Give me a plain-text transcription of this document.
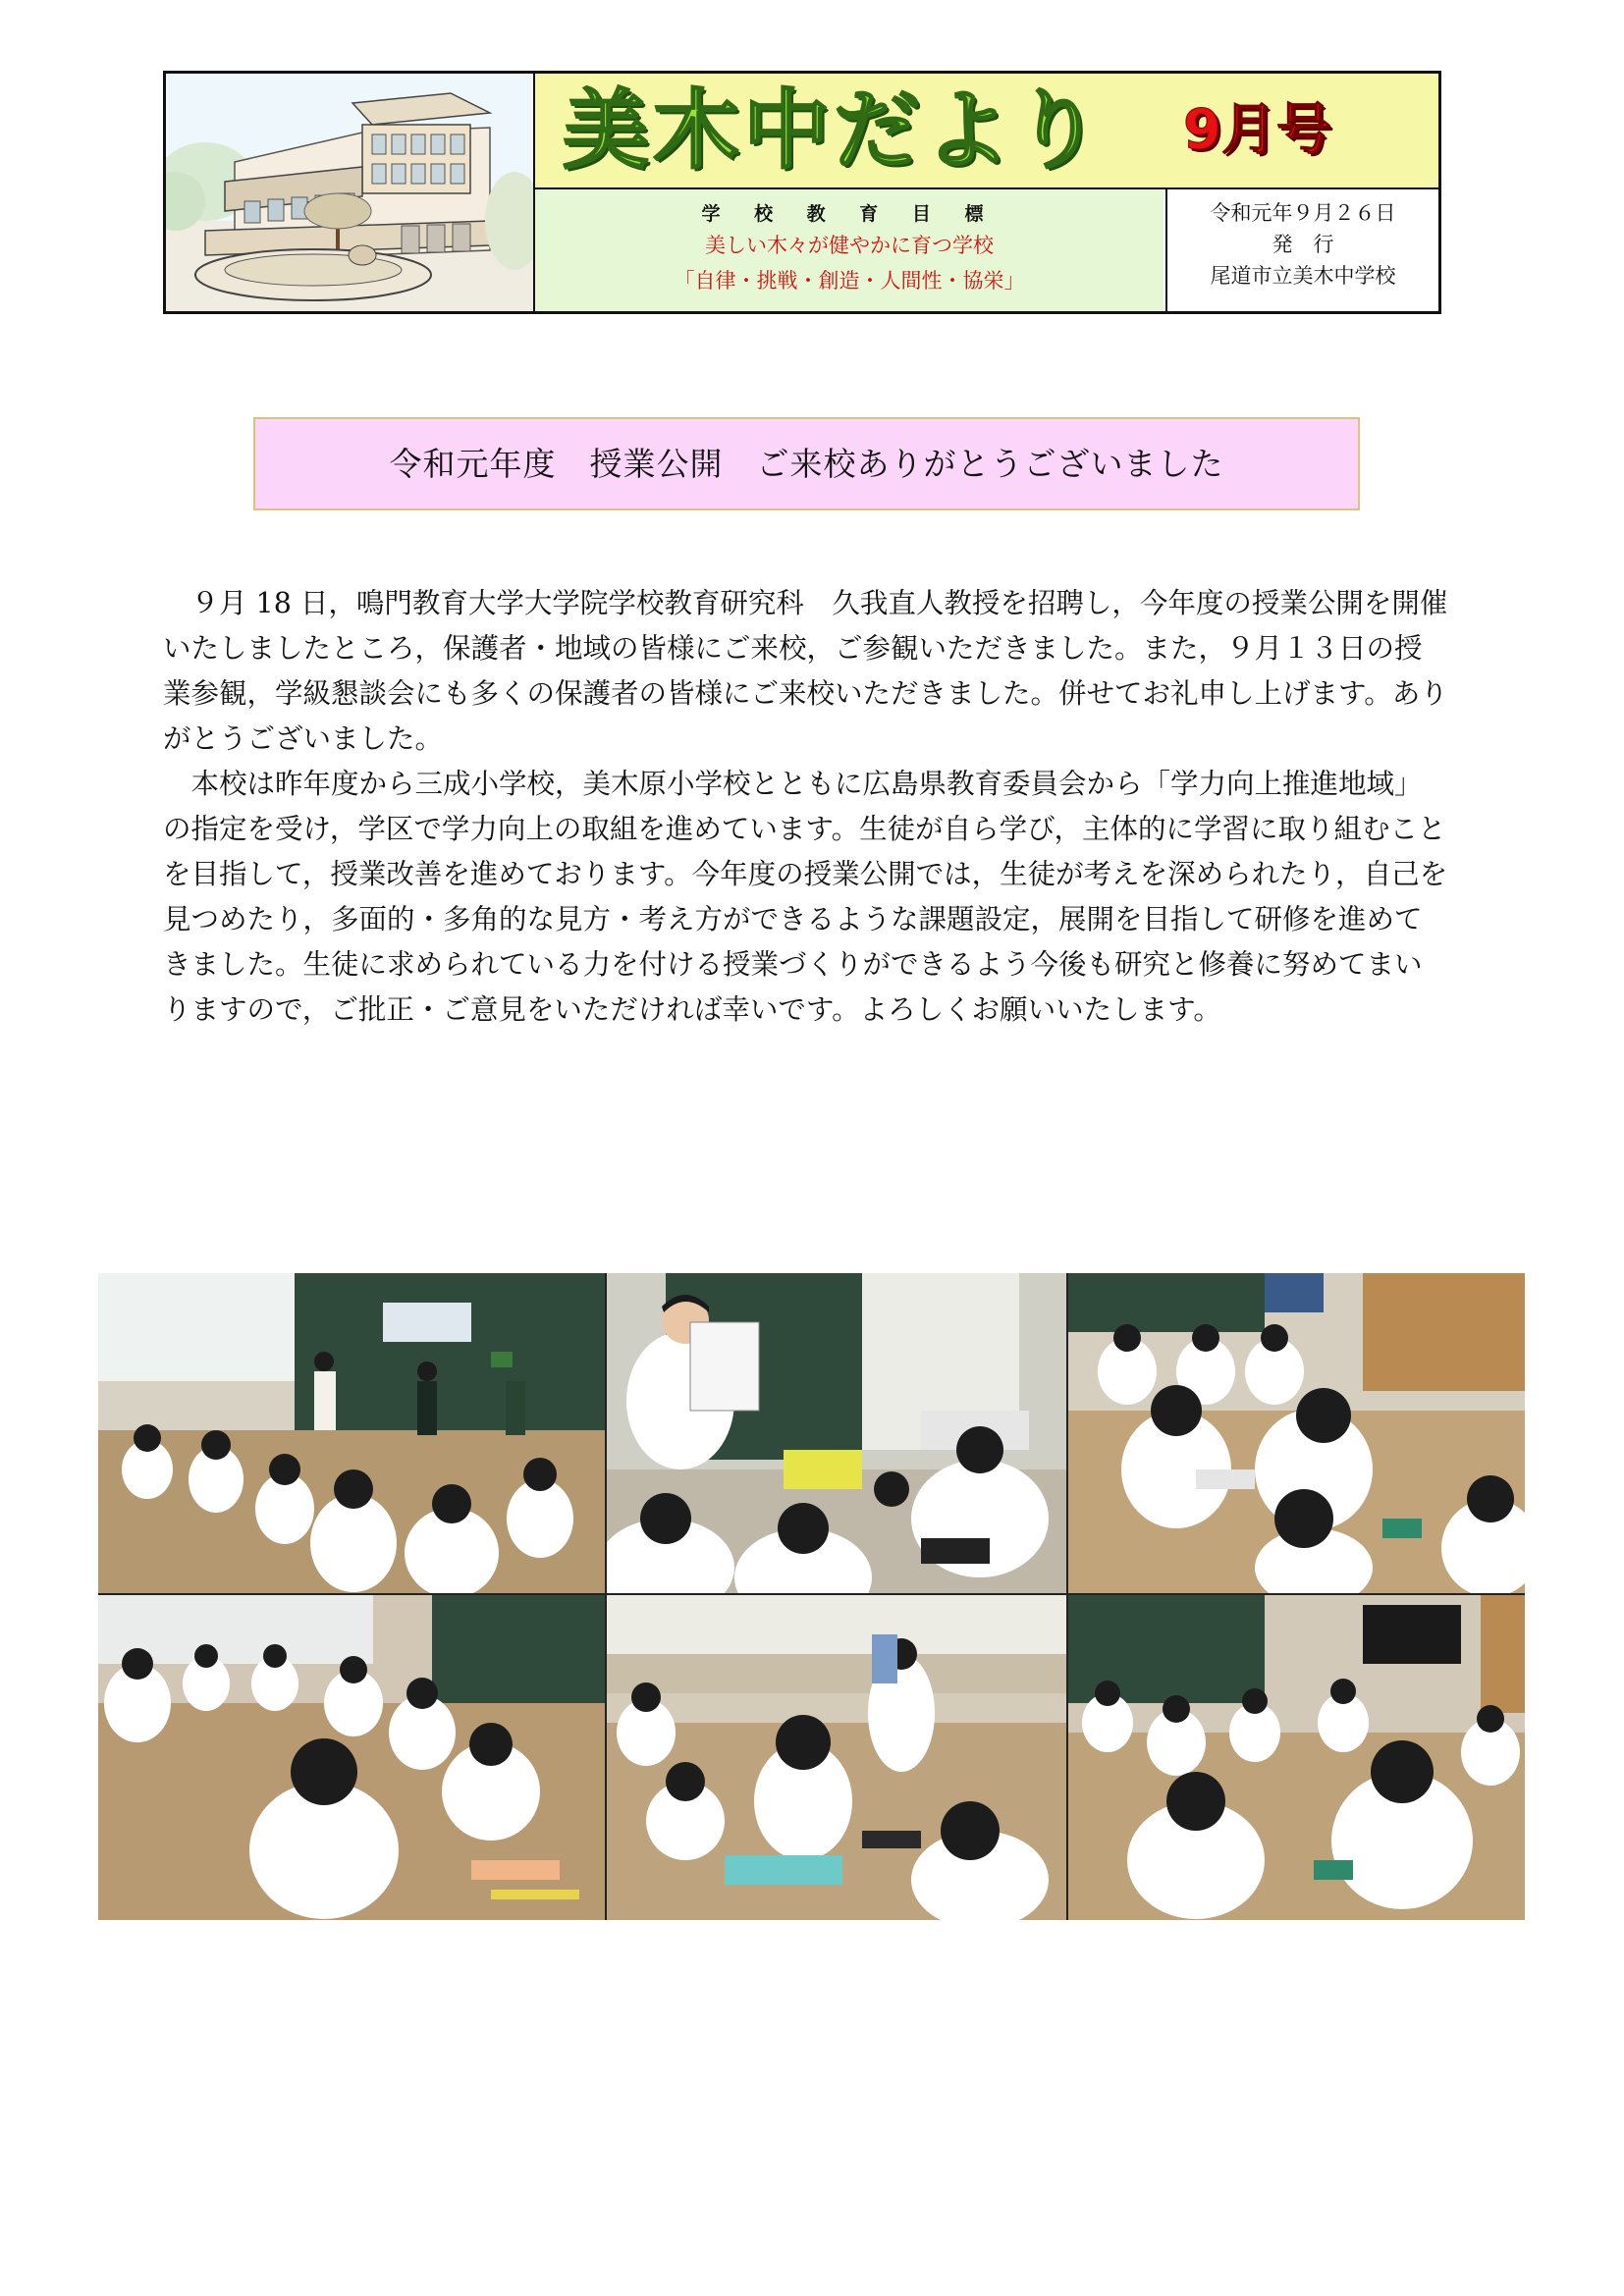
美木中だより 9月号
学 校 教 育 目 標
美しい木々が健やかに育つ学校
「自律・挑戦・創造・人間性・協栄」
令和元年９月２６日
発　行
尾道市立美木中学校
令和元年度　授業公開　ご来校ありがとうございました

９月 18 日，鳴門教育大学大学院学校教育研究科　久我直人教授を招聘し，今年度の授業公開を開催いたしましたところ，保護者・地域の皆様にご来校，ご参観いただきました。また，９月１３日の授業参観，学級懇談会にも多くの保護者の皆様にご来校いただきました。併せてお礼申し上げます。ありがとうございました。

本校は昨年度から三成小学校，美木原小学校とともに広島県教育委員会から「学力向上推進地域」の指定を受け，学区で学力向上の取組を進めています。生徒が自ら学び，主体的に学習に取り組むことを目指して，授業改善を進めております。今年度の授業公開では，生徒が考えを深められたり，自己を見つめたり，多面的・多角的な見方・考え方ができるような課題設定，展開を目指して研修を進めてきました。生徒に求められている力を付ける授業づくりができるよう今後も研究と修養に努めてまいりますので，ご批正・ご意見をいただければ幸いです。よろしくお願いいたします。
